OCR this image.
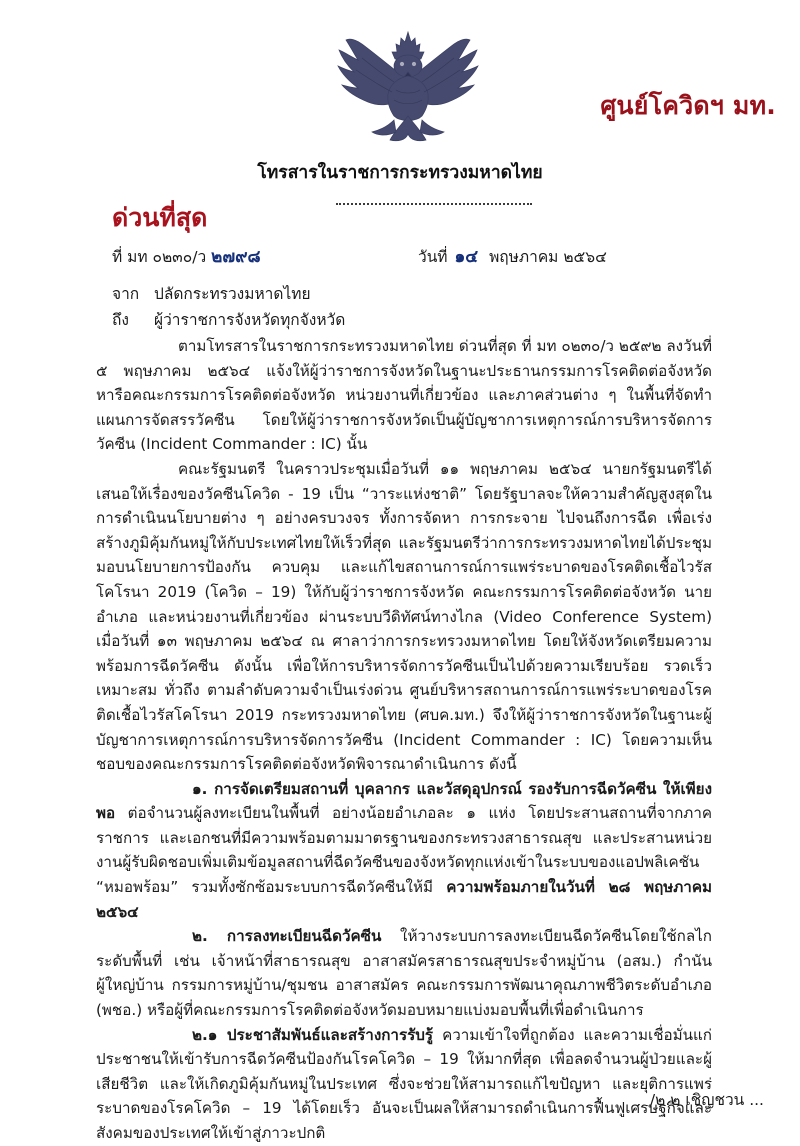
ศูนย์โควิดฯ มท.
โทรสารในราชการกระทรวงมหาดไทย
ด่วนที่สุด
ที่ มท ๐๒๓๐/ว ๒๗๙๘	วันที่ ๑๔ พฤษภาคม ๒๕๖๔
จาก ปลัดกระทรวงมหาดไทย
ถึง ผู้ว่าราชการจังหวัดทุกจังหวัด

ตามโทรสารในราชการกระทรวงมหาดไทย ด่วนที่สุด ที่ มท ๐๒๓๐/ว ๒๕๙๒ ลงวันที่ ๕ พฤษภาคม ๒๕๖๔ แจ้งให้ผู้ว่าราชการจังหวัดในฐานะประธานกรรมการโรคติดต่อจังหวัดหารือคณะกรรมการโรคติดต่อจังหวัด หน่วยงานที่เกี่ยวข้อง และภาคส่วนต่าง ๆ ในพื้นที่จัดทำแผนการจัดสรรวัคซีน โดยให้ผู้ว่าราชการจังหวัดเป็นผู้บัญชาการเหตุการณ์การบริหารจัดการวัคซีน (Incident Commander : IC) นั้น

คณะรัฐมนตรี ในคราวประชุมเมื่อวันที่ ๑๑ พฤษภาคม ๒๕๖๔ นายกรัฐมนตรีได้เสนอให้เรื่องของวัคซีนโควิด - 19 เป็น “วาระแห่งชาติ” โดยรัฐบาลจะให้ความสำคัญสูงสุดในการดำเนินนโยบายต่าง ๆ อย่างครบวงจร ทั้งการจัดหา การกระจาย ไปจนถึงการฉีด เพื่อเร่งสร้างภูมิคุ้มกันหมู่ให้กับประเทศไทยให้เร็วที่สุด และรัฐมนตรีว่าการกระทรวงมหาดไทยได้ประชุมมอบนโยบายการป้องกัน ควบคุม และแก้ไขสถานการณ์การแพร่ระบาดของโรคติดเชื้อไวรัสโคโรนา 2019 (โควิด – 19) ให้กับผู้ว่าราชการจังหวัด คณะกรรมการโรคติดต่อจังหวัด นายอำเภอ และหน่วยงานที่เกี่ยวข้อง ผ่านระบบวีดิทัศน์ทางไกล (Video Conference System) เมื่อวันที่ ๑๓ พฤษภาคม ๒๕๖๔ ณ ศาลาว่าการกระทรวงมหาดไทย โดยให้จังหวัดเตรียมความพร้อมการฉีดวัคซีน ดังนั้น เพื่อให้การบริหารจัดการวัคซีนเป็นไปด้วยความเรียบร้อย รวดเร็ว เหมาะสม ทั่วถึง ตามลำดับความจำเป็นเร่งด่วน ศูนย์บริหารสถานการณ์การแพร่ระบาดของโรคติดเชื้อไวรัสโคโรนา 2019 กระทรวงมหาดไทย (ศบค.มท.) จึงให้ผู้ว่าราชการจังหวัดในฐานะผู้บัญชาการเหตุการณ์การบริหารจัดการวัคซีน (Incident Commander : IC) โดยความเห็นชอบของคณะกรรมการโรคติดต่อจังหวัดพิจารณาดำเนินการ ดังนี้

๑. การจัดเตรียมสถานที่ บุคลากร และวัสดุอุปกรณ์ รองรับการฉีดวัคซีน ให้เพียงพอ ต่อจำนวนผู้ลงทะเบียนในพื้นที่ อย่างน้อยอำเภอละ ๑ แห่ง โดยประสานสถานที่จากภาคราชการ และเอกชนที่มีความพร้อมตามมาตรฐานของกระทรวงสาธารณสุข และประสานหน่วยงานผู้รับผิดชอบเพิ่มเติมข้อมูลสถานที่ฉีดวัคซีนของจังหวัดทุกแห่งเข้าในระบบของแอปพลิเคชัน “หมอพร้อม” รวมทั้งซักซ้อมระบบการฉีดวัคซีนให้มี ความพร้อมภายในวันที่ ๒๘ พฤษภาคม ๒๕๖๔

๒. การลงทะเบียนฉีดวัคซีน ให้วางระบบการลงทะเบียนฉีดวัคซีนโดยใช้กลไกระดับพื้นที่ เช่น เจ้าหน้าที่สาธารณสุข อาสาสมัครสาธารณสุขประจำหมู่บ้าน (อสม.) กำนัน ผู้ใหญ่บ้าน กรรมการหมู่บ้าน/ชุมชน อาสาสมัคร คณะกรรมการพัฒนาคุณภาพชีวิตระดับอำเภอ (พชอ.) หรือผู้ที่คณะกรรมการโรคติดต่อจังหวัดมอบหมายแบ่งมอบพื้นที่เพื่อดำเนินการ

๒.๑ ประชาสัมพันธ์และสร้างการรับรู้ ความเข้าใจที่ถูกต้อง และความเชื่อมั่นแก่ประชาชนให้เข้ารับการฉีดวัคซีนป้องกันโรคโควิด – 19 ให้มากที่สุด เพื่อลดจำนวนผู้ป่วยและผู้เสียชีวิต และให้เกิดภูมิคุ้มกันหมู่ในประเทศ ซึ่งจะช่วยให้สามารถแก้ไขปัญหา และยุติการแพร่ระบาดของโรคโควิด – 19 ได้โดยเร็ว อันจะเป็นผลให้สามารถดำเนินการฟื้นฟูเศรษฐกิจและสังคมของประเทศให้เข้าสู่ภาวะปกติ

/๒.๒ เชิญชวน ...
